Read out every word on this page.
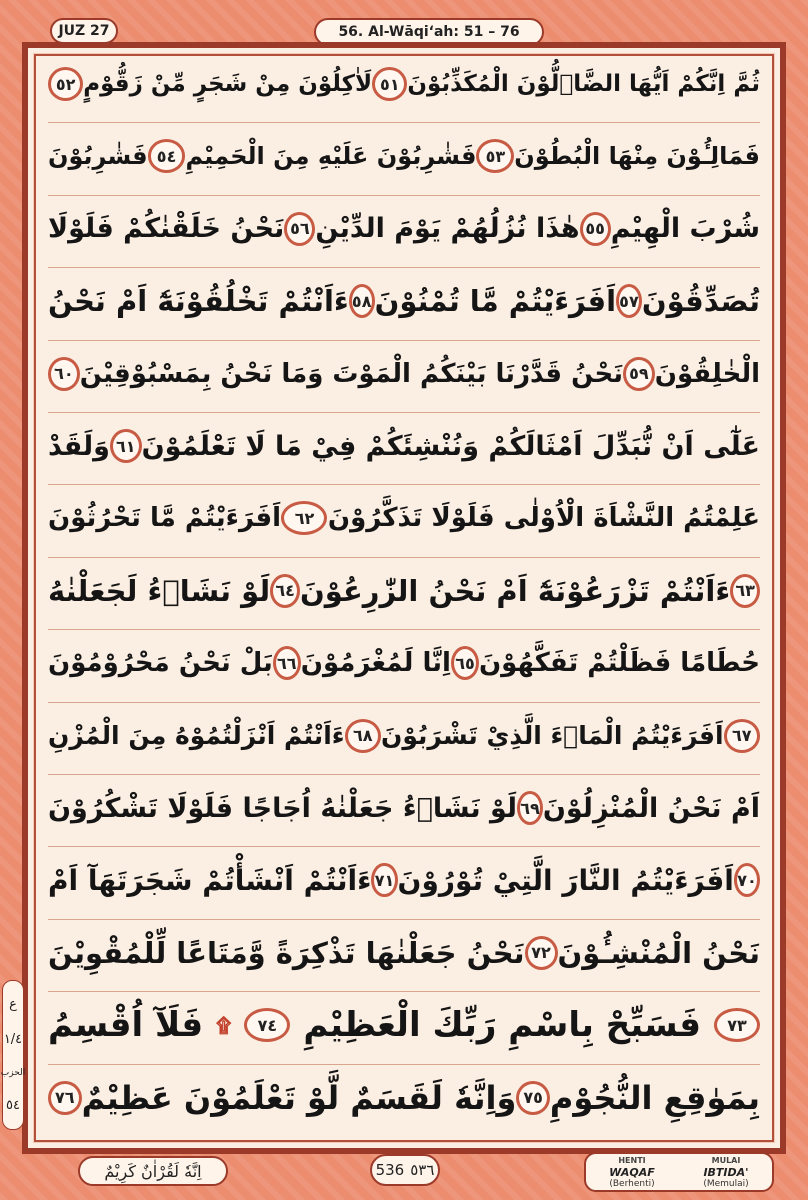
JUZ 27	56. Al-Wāqi‘ah: 51 – 76
ثُمَّ اِنَّكُمْ اَيُّهَا الضَّاۤلُّوْنَ الْمُكَذِّبُوْنَ
٥١
لَاٰكِلُوْنَ مِنْ شَجَرٍ مِّنْ زَقُّوْمٍ
٥٢
فَمَالِـُٔوْنَ مِنْهَا الْبُطُوْنَ
٥٣
فَشٰرِبُوْنَ عَلَيْهِ مِنَ الْحَمِيْمِ
٥٤
فَشٰرِبُوْنَ
شُرْبَ الْهِيْمِ
٥٥
هٰذَا نُزُلُهُمْ يَوْمَ الدِّيْنِ
٥٦
نَحْنُ خَلَقْنٰكُمْ فَلَوْلَا
تُصَدِّقُوْنَ
٥٧
اَفَرَءَيْتُمْ مَّا تُمْنُوْنَ
٥٨
ءَاَنْتُمْ تَخْلُقُوْنَهٗٓ اَمْ نَحْنُ
الْخٰلِقُوْنَ
٥٩
نَحْنُ قَدَّرْنَا بَيْنَكُمُ الْمَوْتَ وَمَا نَحْنُ بِمَسْبُوْقِيْنَ
٦٠
عَلٰٓى اَنْ نُّبَدِّلَ اَمْثَالَكُمْ وَنُنْشِئَكُمْ فِيْ مَا لَا تَعْلَمُوْنَ
٦١
وَلَقَدْ
عَلِمْتُمُ النَّشْاَةَ الْاُوْلٰى فَلَوْلَا تَذَكَّرُوْنَ
٦٢
اَفَرَءَيْتُمْ مَّا تَحْرُثُوْنَ
٦٣
ءَاَنْتُمْ تَزْرَعُوْنَهٗٓ اَمْ نَحْنُ الزّٰرِعُوْنَ
٦٤
لَوْ نَشَاۤءُ لَجَعَلْنٰهُ
حُطَامًا فَظَلْتُمْ تَفَكَّهُوْنَ
٦٥
اِنَّا لَمُغْرَمُوْنَ
٦٦
بَلْ نَحْنُ مَحْرُوْمُوْنَ
٦٧
اَفَرَءَيْتُمُ الْمَاۤءَ الَّذِيْ تَشْرَبُوْنَ
٦٨
ءَاَنْتُمْ اَنْزَلْتُمُوْهُ مِنَ الْمُزْنِ
اَمْ نَحْنُ الْمُنْزِلُوْنَ
٦٩
لَوْ نَشَاۤءُ جَعَلْنٰهُ اُجَاجًا فَلَوْلَا تَشْكُرُوْنَ
٧٠
اَفَرَءَيْتُمُ النَّارَ الَّتِيْ تُوْرُوْنَ
٧١
ءَاَنْتُمْ اَنْشَأْتُمْ شَجَرَتَهَآ اَمْ
نَحْنُ الْمُنْشِـُٔوْنَ
٧٢
نَحْنُ جَعَلْنٰهَا تَذْكِرَةً وَّمَتَاعًا لِّلْمُقْوِيْنَ
٧٣
فَسَبِّحْ بِاسْمِ رَبِّكَ الْعَظِيْمِ
٧٤
۩
فَلَآ اُقْسِمُ
بِمَوٰقِعِ النُّجُوْمِ
٧٥
وَاِنَّهٗ لَقَسَمٌ لَّوْ تَعْلَمُوْنَ عَظِيْمٌ
٧٦
ع
١/٤
الحزب
٥٤
اِنَّهٗ لَقُرْاٰنٌ كَرِيْمٌ	536 ٥٣٦
HENTI
WAQAF
(Berhenti)
MULAI
IBTIDA'
(Memulai)
